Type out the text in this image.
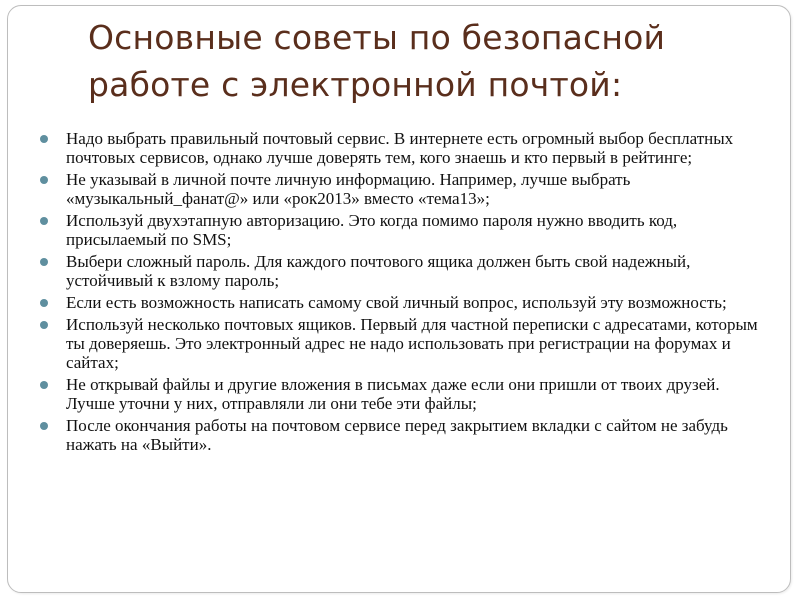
Основные советы по безопасной работе с электронной почтой:
Надо выбрать правильный почтовый сервис. В интернете есть огромный выбор бесплатных почтовых сервисов, однако лучше доверять тем, кого знаешь и кто первый в рейтинге;
Не указывай в личной почте личную информацию. Например, лучше выбрать «музыкальный_фанат@» или «рок2013» вместо «тема13»;
Используй двухэтапную авторизацию. Это когда помимо пароля нужно вводить код, присылаемый по SMS;
Выбери сложный пароль. Для каждого почтового ящика должен быть свой надежный, устойчивый к взлому пароль;
Если есть возможность написать самому свой личный вопрос, используй эту возможность;
Используй несколько почтовых ящиков. Первый для частной переписки с адресатами, которым ты доверяешь. Это электронный адрес не надо использовать при регистрации на форумах и сайтах;
Не открывай файлы и другие вложения в письмах даже если они пришли от твоих друзей. Лучше уточни у них, отправляли ли они тебе эти файлы;
После окончания работы на почтовом сервисе перед закрытием вкладки с сайтом не забудь нажать на «Выйти».
